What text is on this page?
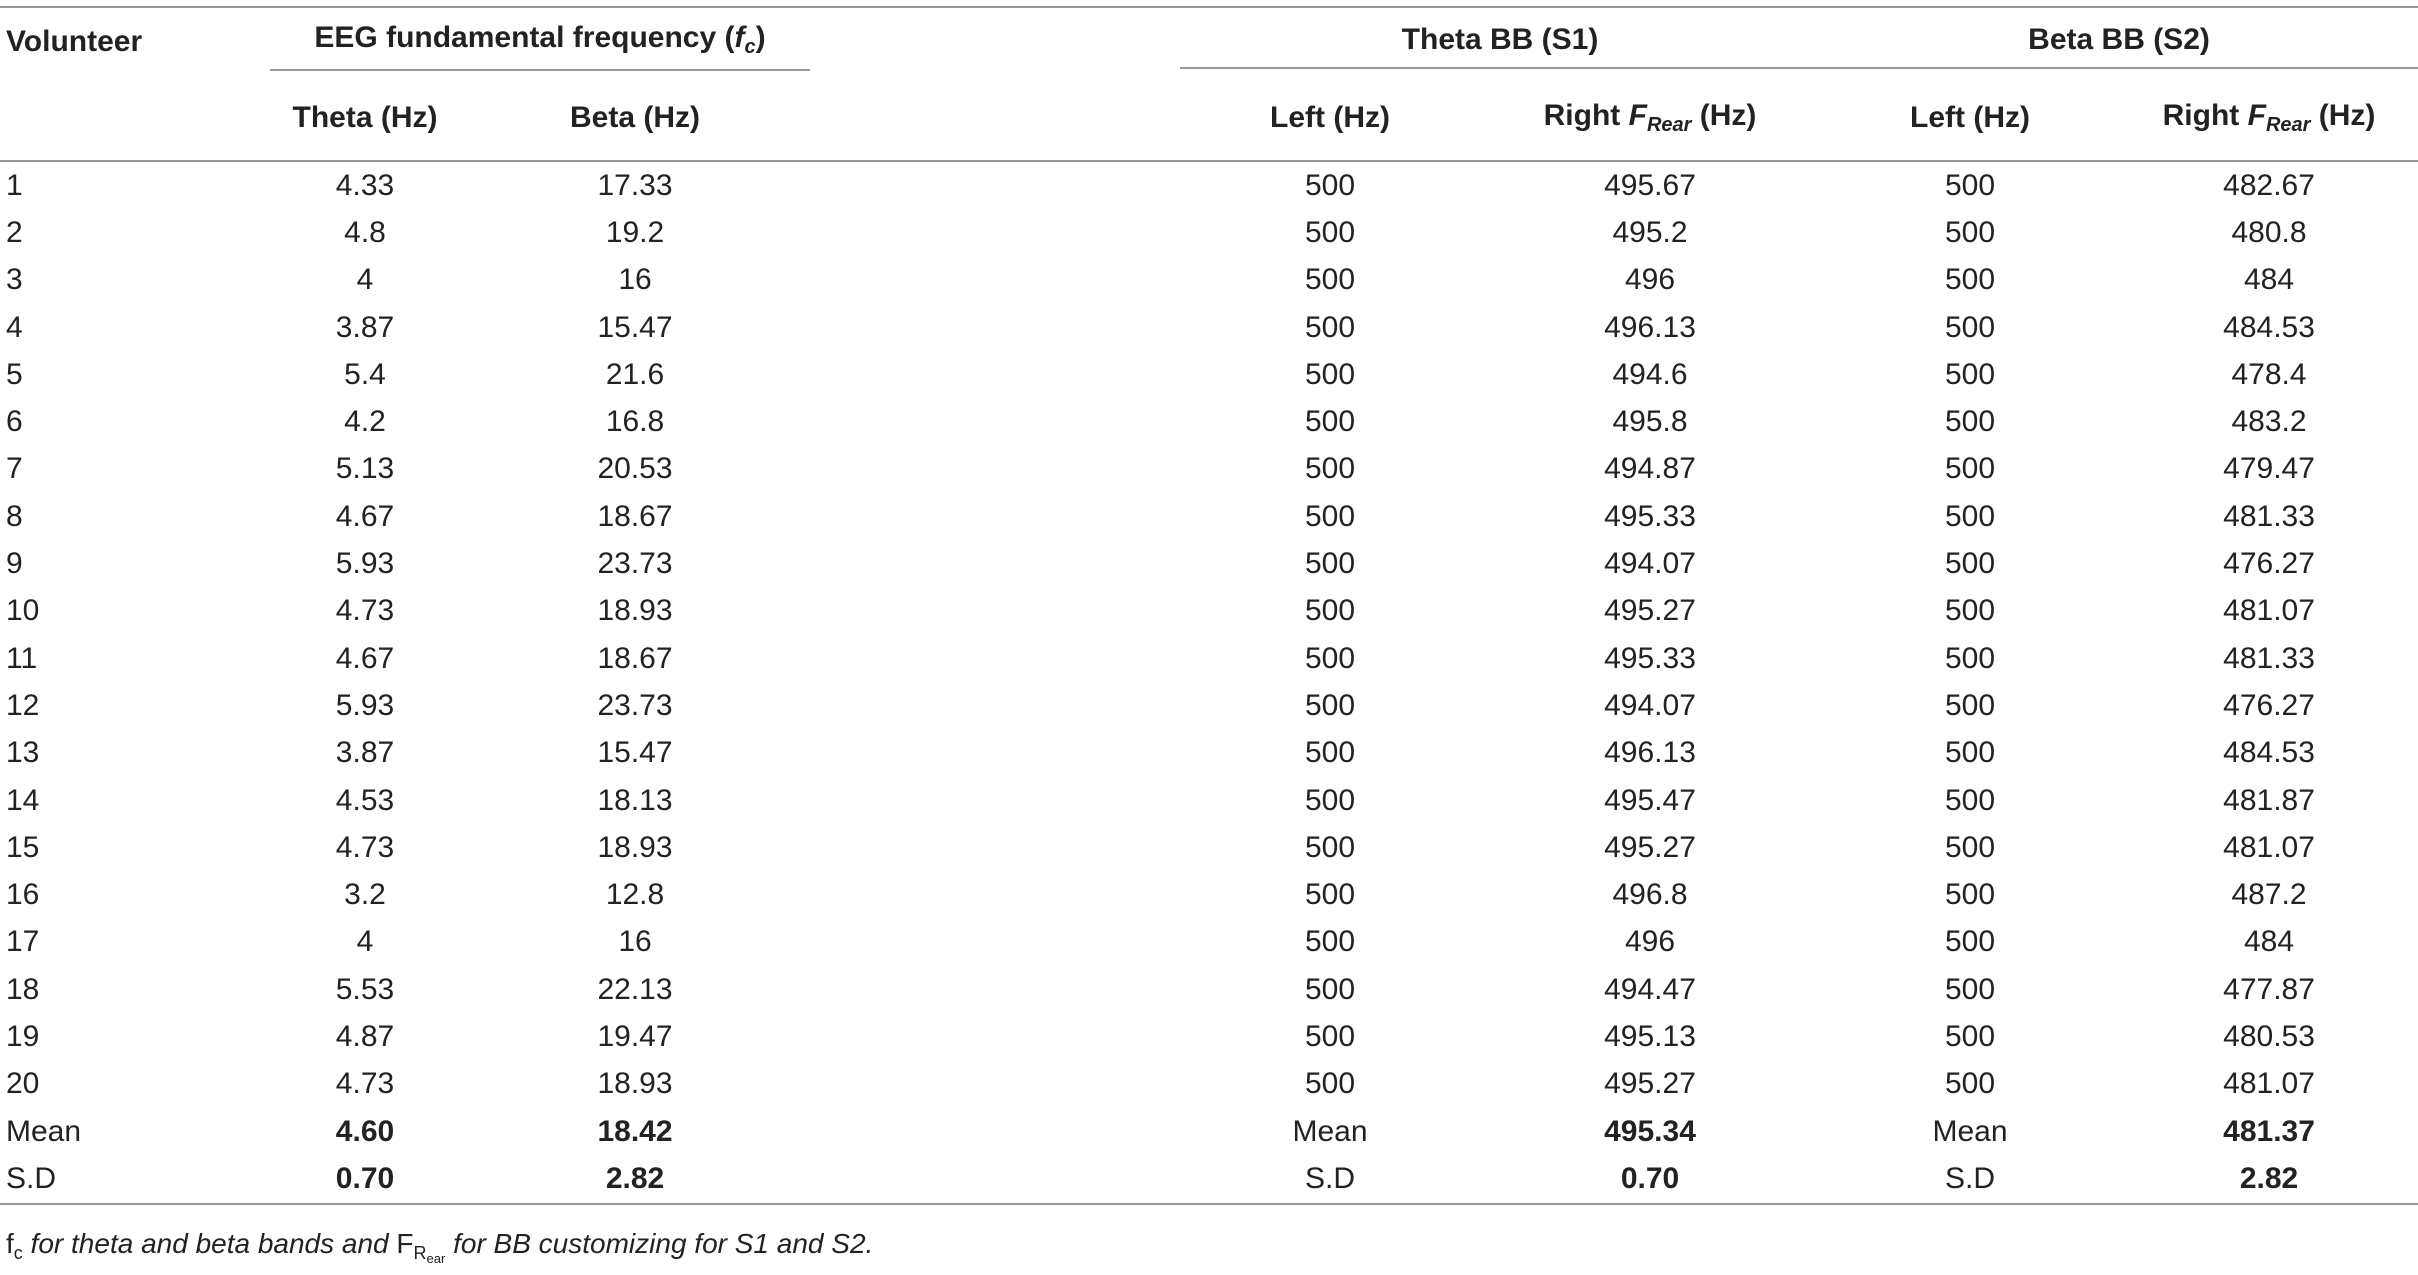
Volunteer	EEG fundamental frequency $(f_c)$			Theta BB (S1)		Beta BB (S2)	

	Theta (Hz)	Beta (Hz)		Left (Hz)	Right $F_{Rear}$ (Hz)	Left (Hz)	Right $F_{Rear}$ (Hz)
1	4.33	17.33		500	495.67	500	482.67
2	4.8	19.2		500	495.2	500	480.8
3	4	16		500	496	500	484
4	3.87	15.47		500	496.13	500	484.53
5	5.4	21.6		500	494.6	500	478.4
6	4.2	16.8		500	495.8	500	483.2
7	5.13	20.53		500	494.87	500	479.47
8	4.67	18.67		500	495.33	500	481.33
9	5.93	23.73		500	494.07	500	476.27
10	4.73	18.93		500	495.27	500	481.07
11	4.67	18.67		500	495.33	500	481.33
12	5.93	23.73		500	494.07	500	476.27
13	3.87	15.47		500	496.13	500	484.53
14	4.53	18.13		500	495.47	500	481.87
15	4.73	18.93		500	495.27	500	481.07
16	3.2	12.8		500	496.8	500	487.2
17	4	16		500	496	500	484
18	5.53	22.13		500	494.47	500	477.87
19	4.87	19.47		500	495.13	500	480.53
20	4.73	18.93		500	495.27	500	481.07
Mean	4.60	18.42		Mean	495.34	Mean	481.37
S.D	0.70	2.82		S.D	0.70	S.D	2.82
$f_c$ for theta and beta bands and $F_{R_{ear}}$ for BB customizing for S1 and S2.
